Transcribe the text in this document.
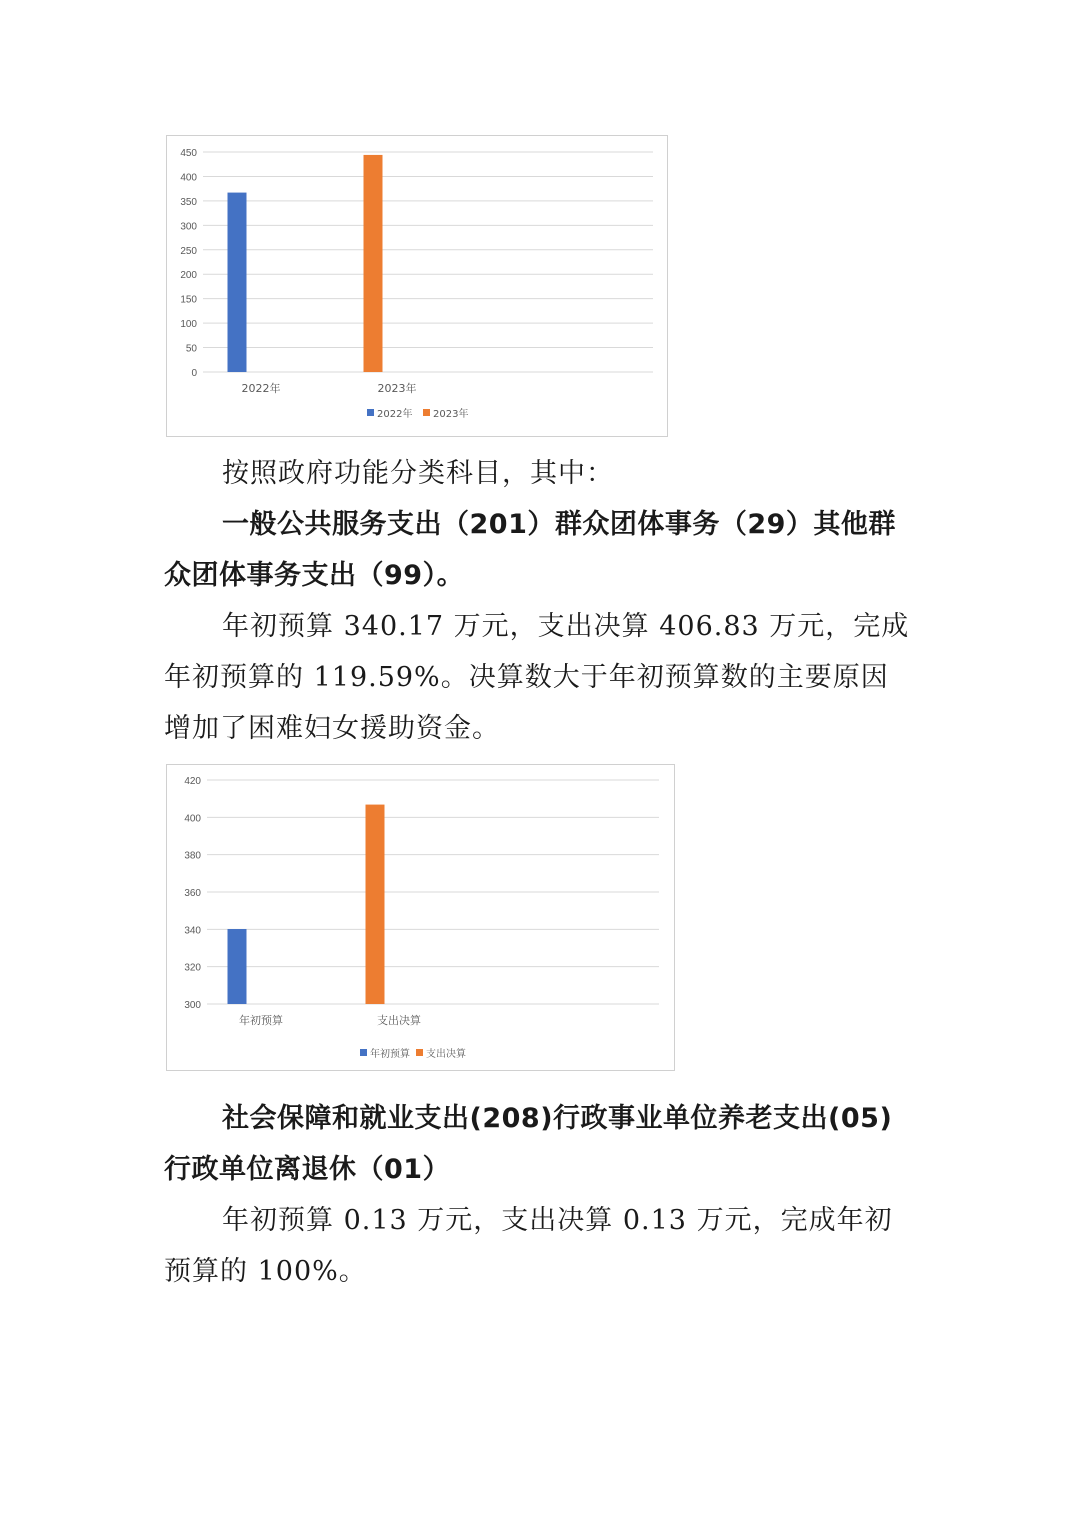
0
50
100
150
200
250
300
350
400
450
2022年	2023年
2022年 2023年
按照政府功能分类科目，其中：
一般公共服务支出（201）群众团体事务（29）其他群众团体事务支出（99）。
年初预算 340.17 万元，支出决算 406.83 万元，完成年初预算的 119.59%。决算数大于年初预算数的主要原因增加了困难妇女援助资金。
300
320
340
360
380
400
420
年初预算	支出决算
年初预算 支出决算
社会保障和就业支出(208)行政事业单位养老支出(05)行政单位离退休（01）
年初预算 0.13 万元，支出决算 0.13 万元，完成年初预算的 100%。
